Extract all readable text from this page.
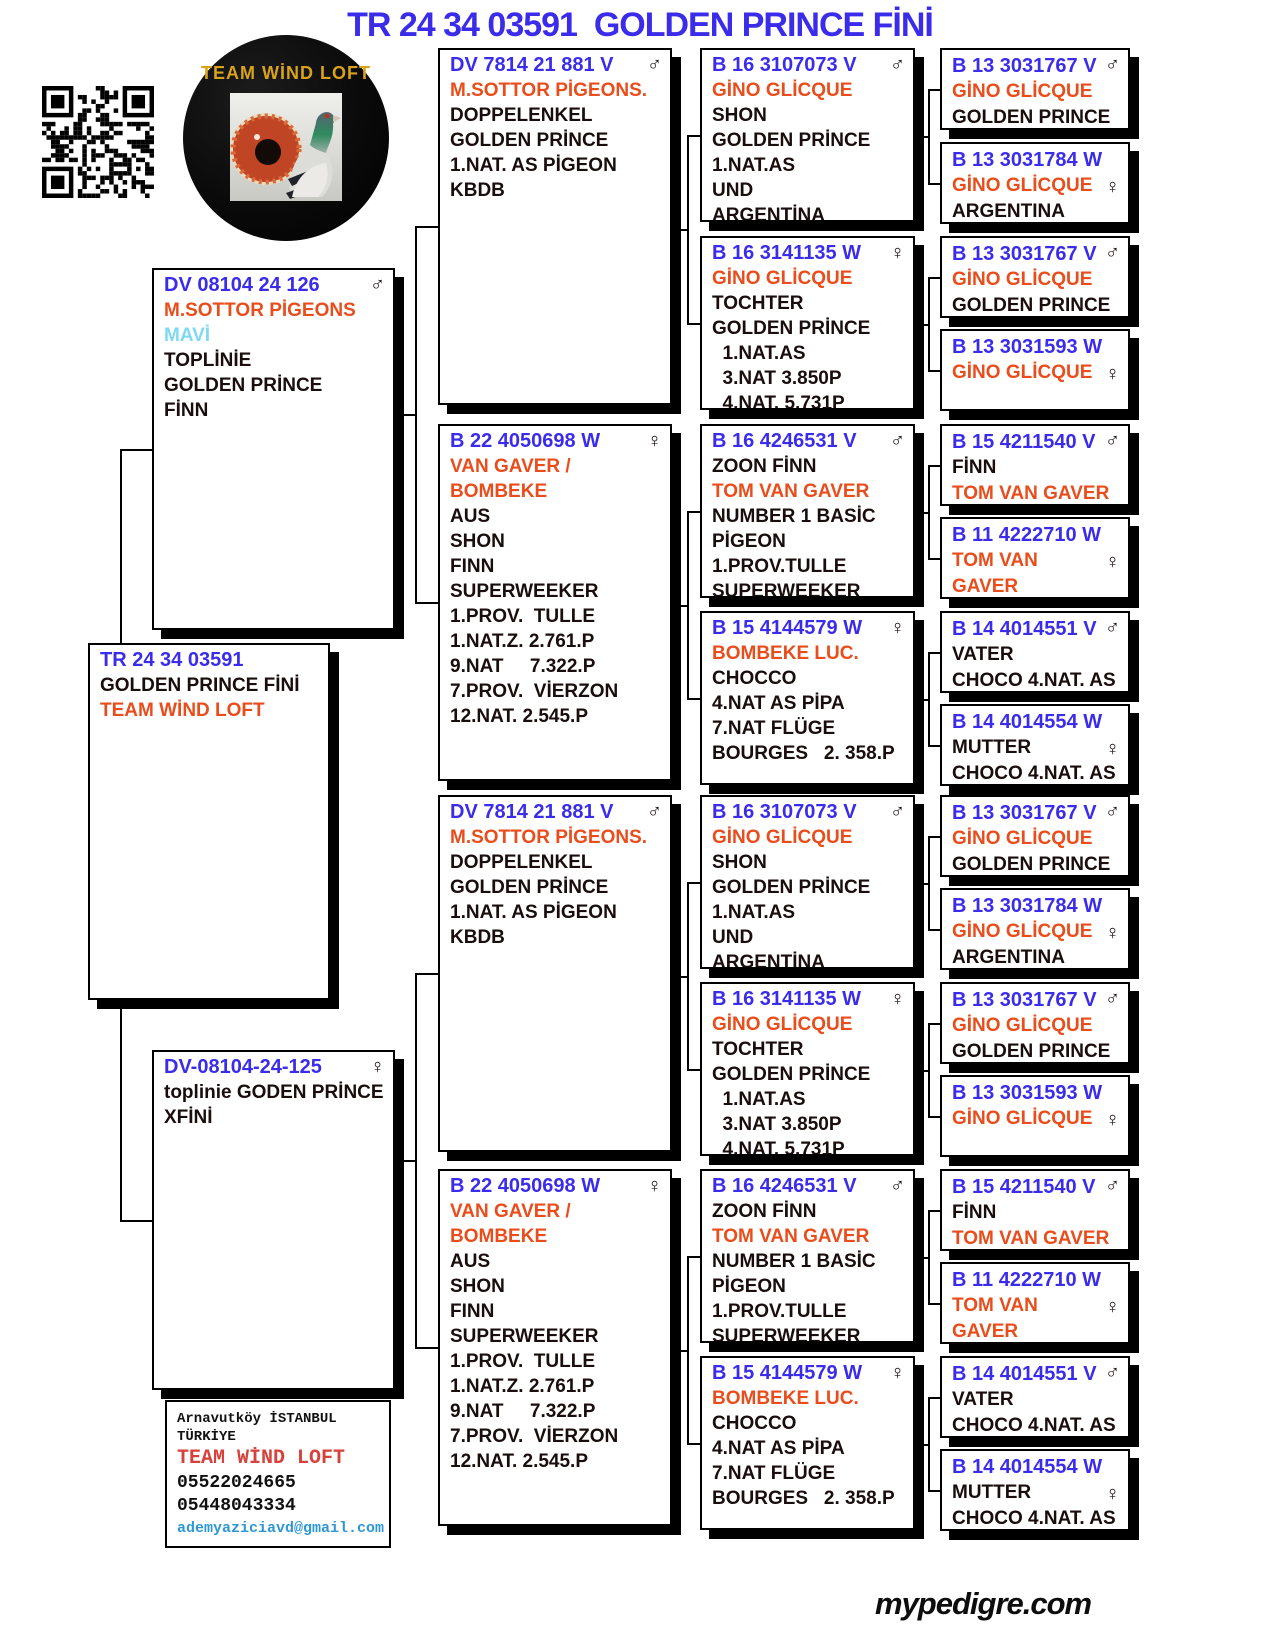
TR 24 34 03591  GOLDEN PRINCE FİNİ
TEAM WİND LOFT
Arnavutköy İSTANBUL
TÜRKİYE
TEAM WİND LOFT
05522024665
05448043334
ademyaziciavd@gmail.com
mypedigre.com
TR 24 34 03591
GOLDEN PRINCE FİNİ
TEAM WİND LOFT
♂
DV 08104 24 126
M.SOTTOR PİGEONS
MAVİ
TOPLİNİE
GOLDEN PRİNCE
FİNN
♀
DV-08104-24-125
toplinie GODEN PRİNCE
XFİNİ
♂
DV 7814 21 881 V
M.SOTTOR PİGEONS.
DOPPELENKEL
GOLDEN PRİNCE
1.NAT. AS PİGEON
KBDB
♀
B 22 4050698 W
VAN GAVER /
BOMBEKE
AUS
SHON
FINN
SUPERWEEKER
1.PROV.  TULLE
1.NAT.Z. 2.761.P
9.NAT     7.322.P
7.PROV.  VİERZON
12.NAT. 2.545.P
♂
DV 7814 21 881 V
M.SOTTOR PİGEONS.
DOPPELENKEL
GOLDEN PRİNCE
1.NAT. AS PİGEON
KBDB
♀
B 22 4050698 W
VAN GAVER /
BOMBEKE
AUS
SHON
FINN
SUPERWEEKER
1.PROV.  TULLE
1.NAT.Z. 2.761.P
9.NAT     7.322.P
7.PROV.  VİERZON
12.NAT. 2.545.P
♂
B 16 3107073 V
GİNO GLİCQUE
SHON
GOLDEN PRİNCE
1.NAT.AS
UND
ARGENTİNA
♀
B 16 3141135 W
GİNO GLİCQUE
TOCHTER
GOLDEN PRİNCE
1.NAT.AS
3.NAT 3.850P
4.NAT. 5.731P
♂
B 16 4246531 V
ZOON FİNN
TOM VAN GAVER
NUMBER 1 BASİC
PİGEON
1.PROV.TULLE
SUPERWEEKER
♀
B 15 4144579 W
BOMBEKE LUC.
CHOCCO
4.NAT AS PİPA
7.NAT FLÜGE
BOURGES   2. 358.P
♂
B 16 3107073 V
GİNO GLİCQUE
SHON
GOLDEN PRİNCE
1.NAT.AS
UND
ARGENTİNA
♀
B 16 3141135 W
GİNO GLİCQUE
TOCHTER
GOLDEN PRİNCE
1.NAT.AS
3.NAT 3.850P
4.NAT. 5.731P
♂
B 16 4246531 V
ZOON FİNN
TOM VAN GAVER
NUMBER 1 BASİC
PİGEON
1.PROV.TULLE
SUPERWEEKER
♀
B 15 4144579 W
BOMBEKE LUC.
CHOCCO
4.NAT AS PİPA
7.NAT FLÜGE
BOURGES   2. 358.P
♂
B 13 3031767 V
GİNO GLİCQUE
GOLDEN PRINCE
♀
B 13 3031784 W
GİNO GLİCQUE
ARGENTINA
♂
B 13 3031767 V
GİNO GLİCQUE
GOLDEN PRINCE
♀
B 13 3031593 W
GİNO GLİCQUE
♂
B 15 4211540 V
FİNN
TOM VAN GAVER
♀
B 11 4222710 W
TOM VAN
GAVER
♂
B 14 4014551 V
VATER
CHOCO 4.NAT. AS
♀
B 14 4014554 W
MUTTER
CHOCO 4.NAT. AS
♂
B 13 3031767 V
GİNO GLİCQUE
GOLDEN PRINCE
♀
B 13 3031784 W
GİNO GLİCQUE
ARGENTINA
♂
B 13 3031767 V
GİNO GLİCQUE
GOLDEN PRINCE
♀
B 13 3031593 W
GİNO GLİCQUE
♂
B 15 4211540 V
FİNN
TOM VAN GAVER
♀
B 11 4222710 W
TOM VAN
GAVER
♂
B 14 4014551 V
VATER
CHOCO 4.NAT. AS
♀
B 14 4014554 W
MUTTER
CHOCO 4.NAT. AS
